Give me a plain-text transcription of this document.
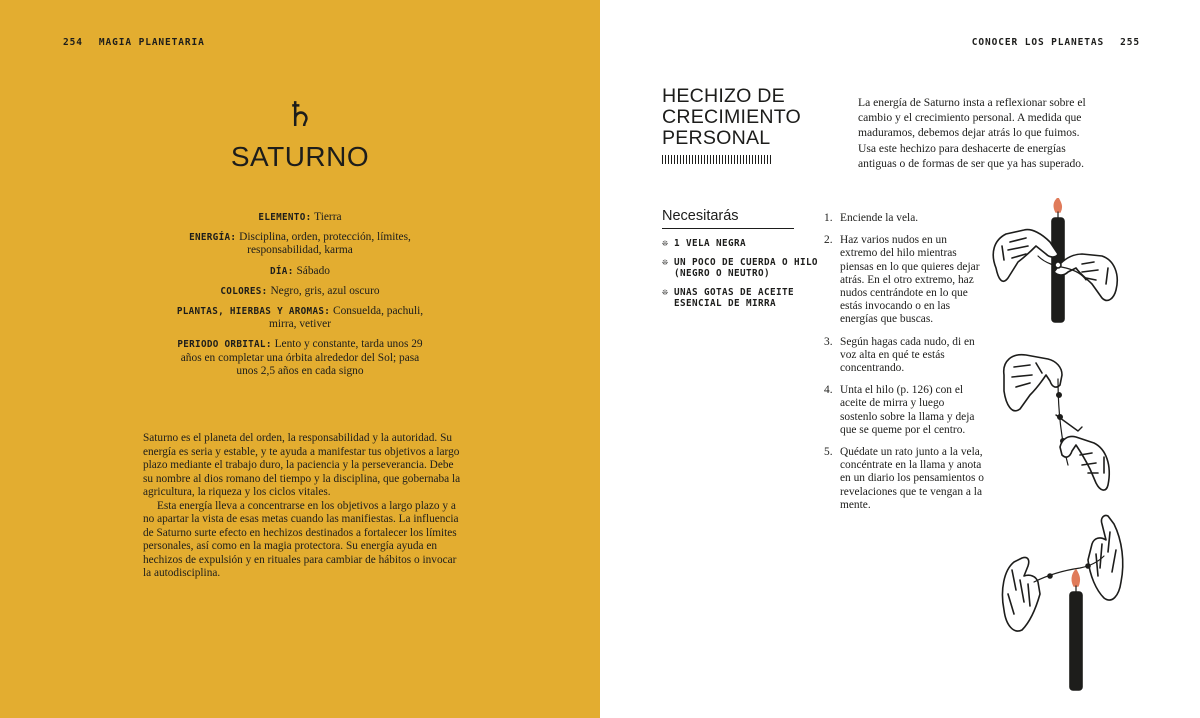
254 MAGIA PLANETARIA
♄
SATURNO
ELEMENTO: Tierra
ENERGÍA: Disciplina, orden, protección, límites, responsabilidad, karma
DÍA: Sábado
COLORES: Negro, gris, azul oscuro
PLANTAS, HIERBAS Y AROMAS: Consuelda, pachuli, mirra, vetiver
PERIODO ORBITAL: Lento y constante, tarda unos 29 años en completar una órbita alrededor del Sol; pasa unos 2,5 años en cada signo

Saturno es el planeta del orden, la responsabilidad y la autoridad. Su energía es seria y estable, y te ayuda a manifestar tus objetivos a largo plazo mediante el trabajo duro, la paciencia y la perseverancia. Debe su nombre al dios romano del tiempo y la disciplina, que gobernaba la agricultura, la riqueza y los ciclos vitales.

Esta energía lleva a concentrarse en los objetivos a largo plazo y a no apartar la vista de esas metas cuando las manifiestas. La influencia de Saturno surte efecto en hechizos destinados a fortalecer los límites personales, así como en la magia protectora. Su energía ayuda en hechizos de expulsión y en rituales para cambiar de hábitos o invocar la autodisciplina.

CONOCER LOS PLANETAS 255
HECHIZO DE
CRECIMIENTO
PERSONAL

La energía de Saturno insta a reflexionar sobre el cambio y el crecimiento personal. A medida que maduramos, debemos dejar atrás lo que fuimos. Usa este hechizo para deshacerte de energías antiguas o de formas de ser que ya has superado.

Necesitarás
❊ 1 VELA NEGRA
❊ UN POCO DE CUERDA O HILO (NEGRO O NEUTRO)
❊ UNAS GOTAS DE ACEITE ESENCIAL DE MIRRA
1. Enciende la vela.
2. Haz varios nudos en un extremo del hilo mientras piensas en lo que quieres dejar atrás. En el otro extremo, haz nudos centrándote en lo que estás invocando o en las energías que buscas.
3. Según hagas cada nudo, di en voz alta en qué te estás concentrando.
4. Unta el hilo (p. 126) con el aceite de mirra y luego sostenlo sobre la llama y deja que se queme por el centro.
5. Quédate un rato junto a la vela, concéntrate en la llama y anota en un diario los pensamientos o revelaciones que te vengan a la mente.
